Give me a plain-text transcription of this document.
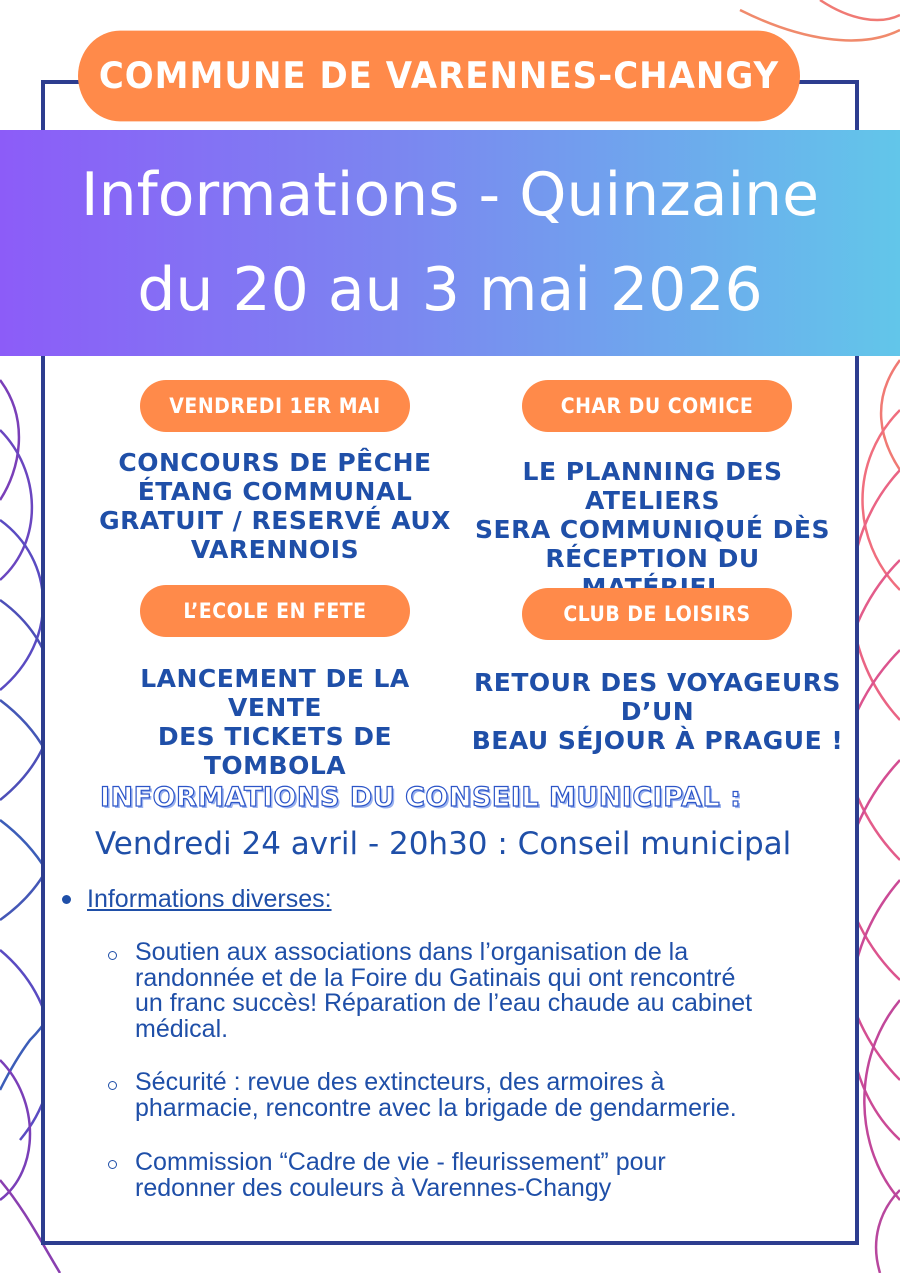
COMMUNE DE VARENNES-CHANGY
Informations - Quinzaine
du 20 au 3 mai 2026
VENDREDI 1ER MAI
CONCOURS DE PÊCHE
ÉTANG COMMUNAL
GRATUIT / RESERVÉ AUX
VARENNOIS
CHAR DU COMICE
LE PLANNING DES ATELIERS
SERA COMMUNIQUÉ DÈS
RÉCEPTION DU
L’ECOLE EN FETE
LANCEMENT DE LA VENTE
DES TICKETS DE TOMBOLA
CLUB DE LOISIRS
RETOUR DES VOYAGEURS D’UN
BEAU SÉJOUR À PRAGUE !
INFORMATIONS DU CONSEIL MUNICIPAL :
Vendredi 24 avril - 20h30 : Conseil municipal
Informations diverses:
Soutien aux associations dans l’organisation de la
randonnée et de la Foire du Gatinais qui ont rencontré
un franc succès! Réparation de l’eau chaude au cabinet
médical.
Sécurité : revue des extincteurs, des armoires à
pharmacie, rencontre avec la brigade de gendarmerie.
Commission “Cadre de vie - fleurissement” pour
redonner des couleurs à Varennes-Changy
